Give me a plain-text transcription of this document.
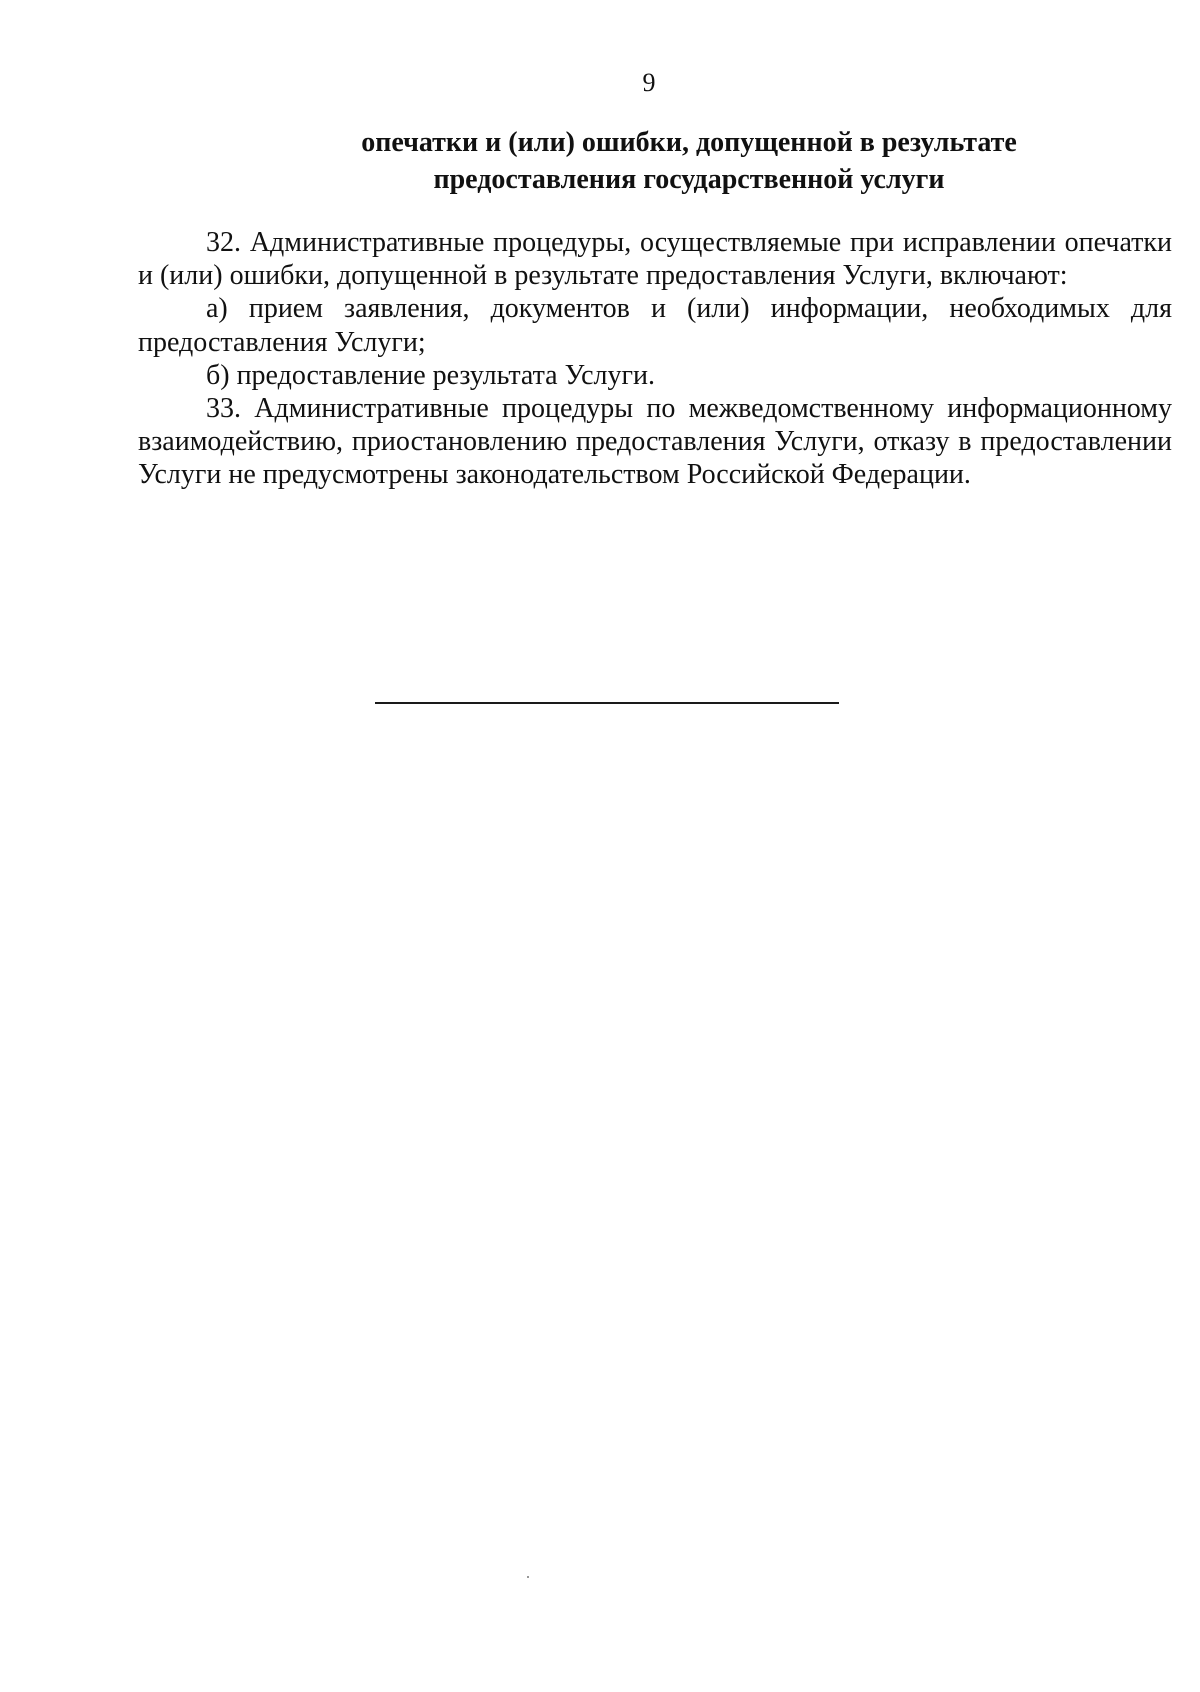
9
опечатки и (или) ошибки, допущенной в результате
предоставления государственной услуги

32. Административные процедуры, осуществляемые при исправлении опечатки и (или) ошибки, допущенной в результате предоставления Услуги, включают:

а) прием заявления, документов и (или) информации, необходимых для предоставления Услуги;

б) предоставление результата Услуги.

33. Административные процедуры по межведомственному информационному взаимодействию, приостановлению предоставления Услуги, отказу в предоставлении Услуги не предусмотрены законодательством Российской Федерации.
